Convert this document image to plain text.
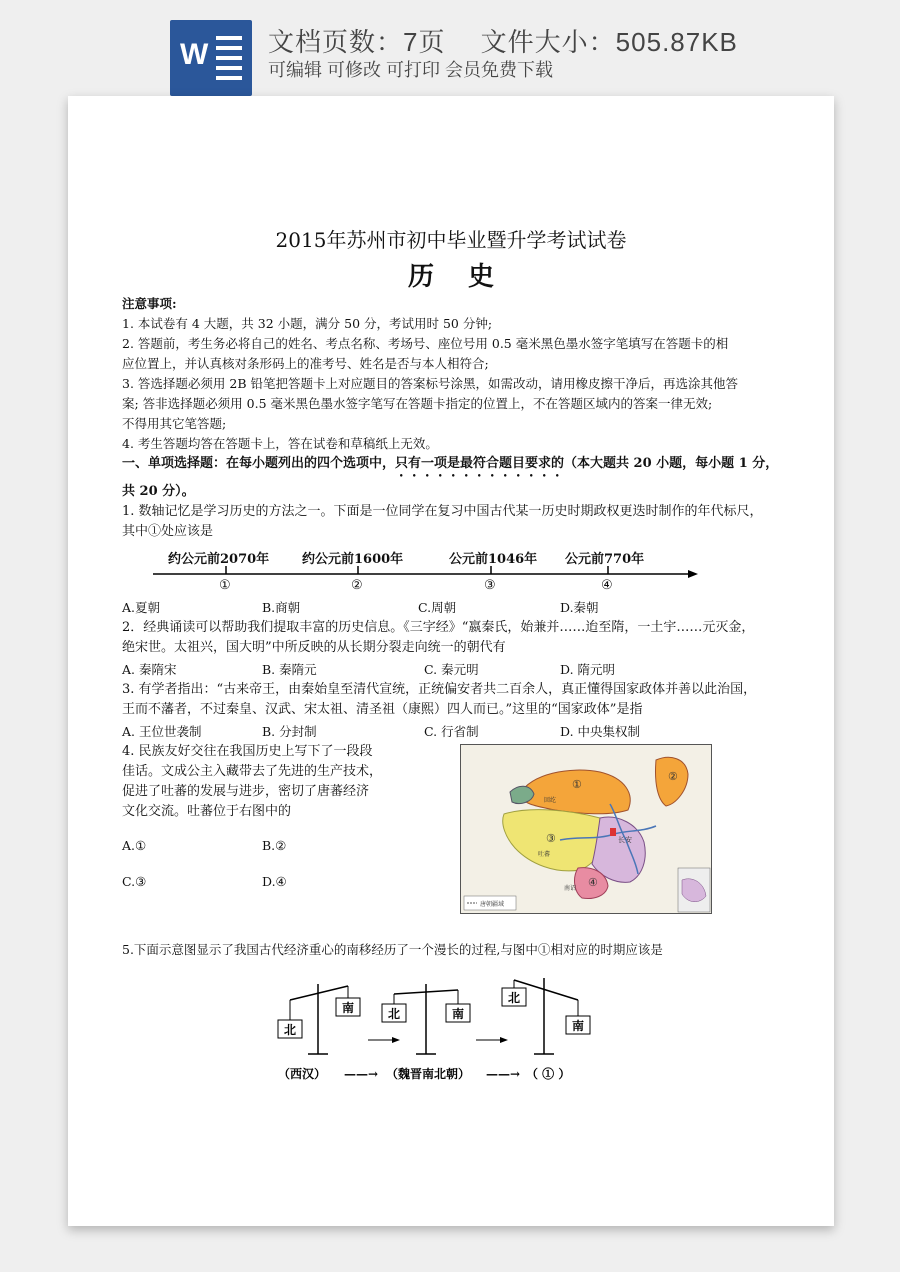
W 文档页数：7页　 文件大小：505.87KB
可编辑 可修改 可打印 会员免费下载
2015年苏州市初中毕业暨升学考试试卷
历史
注意事项:
1. 本试卷有 4 大题，共 32 小题，满分 50 分，考试用时 50 分钟;
2. 答题前，考生务必将自己的姓名、考点名称、考场号、座位号用 0.5 毫米黑色墨水签字笔填写在答题卡的相
应位置上，并认真核对条形码上的准考号、姓名是否与本人相符合;
3. 答选择题必须用 2B 铅笔把答题卡上对应题目的答案标号涂黑，如需改动，请用橡皮擦干净后，再选涂其他答
案; 答非选择题必须用 0.5 毫米黑色墨水签字笔写在答题卡指定的位置上，不在答题区域内的答案一律无效;
不得用其它笔答题;
4. 考生答题均答在答题卡上，答在试卷和草稿纸上无效。
一、单项选择题：在每小题列出的四个选项中，只有一项是最符合题目要求的（本大题共 20 小题，每小题 1 分，
共 20 分）。
1. 数轴记忆是学习历史的方法之一。下面是一位同学在复习中国古代某一历史时期政权更迭时制作的年代标尺，
其中①处应该是
约公元前2070年	约公元前1600年	公元前1046年 公元前770年
①	②	③	④
A.夏朝	B.商朝	C.周朝	D.秦朝
2．经典诵读可以帮助我们提取丰富的历史信息。《三字经》“嬴秦氏，始兼并……迨至隋，一土宇……元灭金，
绝宋世。太祖兴，国大明”中所反映的从长期分裂走向统一的朝代有
A. 秦隋宋	B. 秦隋元	C. 秦元明	D. 隋元明
3. 有学者指出：“古来帝王，由秦始皇至清代宣统，正统偏安者共二百余人，真正懂得国家政体并善以此治国，
王而不藩者，不过秦皇、汉武、宋太祖、清圣祖（康熙）四人而已。”这里的“国家政体”是指
A. 王位世袭制	B. 分封制	C. 行省制	D. 中央集权制
4. 民族友好交往在我国历史上写下了一段段
佳话。文成公主入藏带去了先进的生产技术，
促进了吐蕃的发展与进步，密切了唐蕃经济
文化交流。吐蕃位于右图中的
A.①	B.②
C.③	D.④
①
②
③
④
长安
回纥
吐蕃
南诏
唐朝疆域
5.下面示意图显示了我国古代经济重心的南移经历了一个漫长的过程,与图中①相对应的时期应该是
北
南	北	南
北
南
（西汉） ——→ （魏晋南北朝） ——→ （ ① ）
